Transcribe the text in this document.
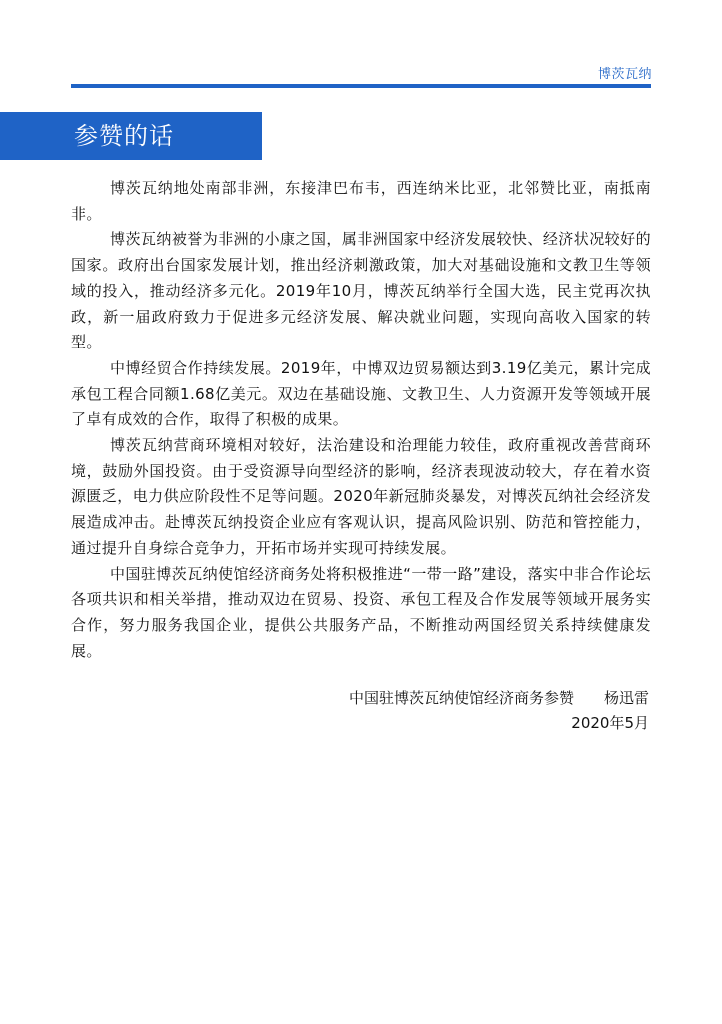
博茨瓦纳
参赞的话

博茨瓦纳地处南部非洲，东接津巴布韦，西连纳米比亚，北邻赞比亚，南抵南非。

博茨瓦纳被誉为非洲的小康之国，属非洲国家中经济发展较快、经济状况较好的国家。政府出台国家发展计划，推出经济刺激政策，加大对基础设施和文教卫生等领域的投入，推动经济多元化。2019年10月，博茨瓦纳举行全国大选，民主党再次执政，新一届政府致力于促进多元经济发展、解决就业问题，实现向高收入国家的转型。

中博经贸合作持续发展。2019年，中博双边贸易额达到3.19亿美元，累计完成承包工程合同额1.68亿美元。双边在基础设施、文教卫生、人力资源开发等领域开展了卓有成效的合作，取得了积极的成果。

博茨瓦纳营商环境相对较好，法治建设和治理能力较佳，政府重视改善营商环境，鼓励外国投资。由于受资源导向型经济的影响，经济表现波动较大，存在着水资源匮乏，电力供应阶段性不足等问题。2020年新冠肺炎暴发，对博茨瓦纳社会经济发展造成冲击。赴博茨瓦纳投资企业应有客观认识，提高风险识别、防范和管控能力，通过提升自身综合竞争力，开拓市场并实现可持续发展。

中国驻博茨瓦纳使馆经济商务处将积极推进“一带一路”建设，落实中非合作论坛各项共识和相关举措，推动双边在贸易、投资、承包工程及合作发展等领域开展务实合作，努力服务我国企业，提供公共服务产品，不断推动两国经贸关系持续健康发展。

中国驻博茨瓦纳使馆经济商务参赞 杨迅雷
2020年5月
